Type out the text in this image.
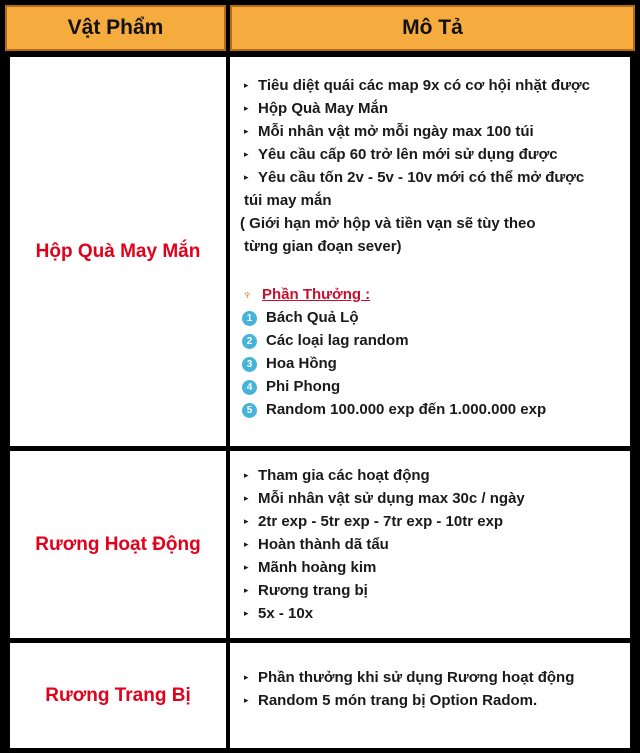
Vật Phẩm	Mô Tả
Hộp Quà May Mắn
▸ Tiêu diệt quái các map 9x có cơ hội nhặt được
▸ Hộp Quà May Mắn
▸ Mỗi nhân vật mở mỗi ngày max 100 túi
▸ Yêu cầu cấp 60 trở lên mới sử dụng được
▸ Yêu cầu tốn 2v - 5v - 10v mới có thể mở được
túi may mắn
( Giới hạn mở hộp và tiền vạn sẽ tùy theo
từng gian đoạn sever)
♆ Phần Thưởng :
1 Bách Quả Lộ
2 Các loại lag random
3 Hoa Hồng
4 Phi Phong
5 Random 100.000 exp đến 1.000.000 exp
Rương Hoạt Động
▸ Tham gia các hoạt động
▸ Mỗi nhân vật sử dụng max 30c / ngày
▸ 2tr exp - 5tr exp - 7tr exp - 10tr exp
▸ Hoàn thành dã tẩu
▸ Mãnh hoàng kim
▸ Rương trang bị
▸ 5x - 10x
Rương Trang Bị
▸ Phần thưởng khi sử dụng Rương hoạt động
▸ Random 5 món trang bị Option Radom.
